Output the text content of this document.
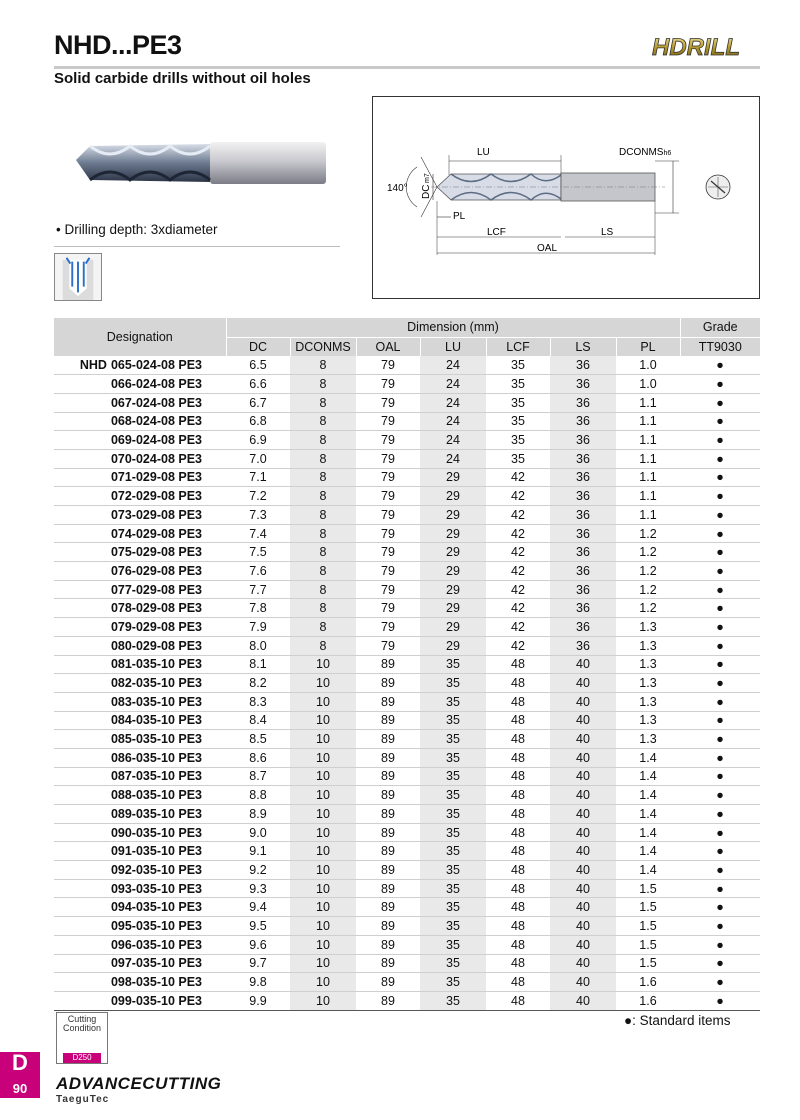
NHD...PE3
Solid carbide drills without oil holes
HDRILL
• Drilling depth: 3xdiameter
140° DC
m7
LU	DCONMSh6
PL
LCF	LS
OAL
Designation	Dimension (mm)							Grade
	DC	DCONMS	OAL	LU	LCF	LS	PL	TT9030
NHD 065-024-08 PE3	6.5	8	79	24	35	36	1.0	●
066-024-08 PE3	6.6	8	79	24	35	36	1.0	●
067-024-08 PE3	6.7	8	79	24	35	36	1.1	●
068-024-08 PE3	6.8	8	79	24	35	36	1.1	●
069-024-08 PE3	6.9	8	79	24	35	36	1.1	●
070-024-08 PE3	7.0	8	79	24	35	36	1.1	●
071-029-08 PE3	7.1	8	79	29	42	36	1.1	●
072-029-08 PE3	7.2	8	79	29	42	36	1.1	●
073-029-08 PE3	7.3	8	79	29	42	36	1.1	●
074-029-08 PE3	7.4	8	79	29	42	36	1.2	●
075-029-08 PE3	7.5	8	79	29	42	36	1.2	●
076-029-08 PE3	7.6	8	79	29	42	36	1.2	●
077-029-08 PE3	7.7	8	79	29	42	36	1.2	●
078-029-08 PE3	7.8	8	79	29	42	36	1.2	●
079-029-08 PE3	7.9	8	79	29	42	36	1.3	●
080-029-08 PE3	8.0	8	79	29	42	36	1.3	●
081-035-10 PE3	8.1	10	89	35	48	40	1.3	●
082-035-10 PE3	8.2	10	89	35	48	40	1.3	●
083-035-10 PE3	8.3	10	89	35	48	40	1.3	●
084-035-10 PE3	8.4	10	89	35	48	40	1.3	●
085-035-10 PE3	8.5	10	89	35	48	40	1.3	●
086-035-10 PE3	8.6	10	89	35	48	40	1.4	●
087-035-10 PE3	8.7	10	89	35	48	40	1.4	●
088-035-10 PE3	8.8	10	89	35	48	40	1.4	●
089-035-10 PE3	8.9	10	89	35	48	40	1.4	●
090-035-10 PE3	9.0	10	89	35	48	40	1.4	●
091-035-10 PE3	9.1	10	89	35	48	40	1.4	●
092-035-10 PE3	9.2	10	89	35	48	40	1.4	●
093-035-10 PE3	9.3	10	89	35	48	40	1.5	●
094-035-10 PE3	9.4	10	89	35	48	40	1.5	●
095-035-10 PE3	9.5	10	89	35	48	40	1.5	●
096-035-10 PE3	9.6	10	89	35	48	40	1.5	●
097-035-10 PE3	9.7	10	89	35	48	40	1.5	●
098-035-10 PE3	9.8	10	89	35	48	40	1.6	●
099-035-10 PE3	9.9	10	89	35	48	40	1.6	●
●: Standard items
Cutting Condition
D250
D
90	ADVANCECUTTING
TaeguTec
